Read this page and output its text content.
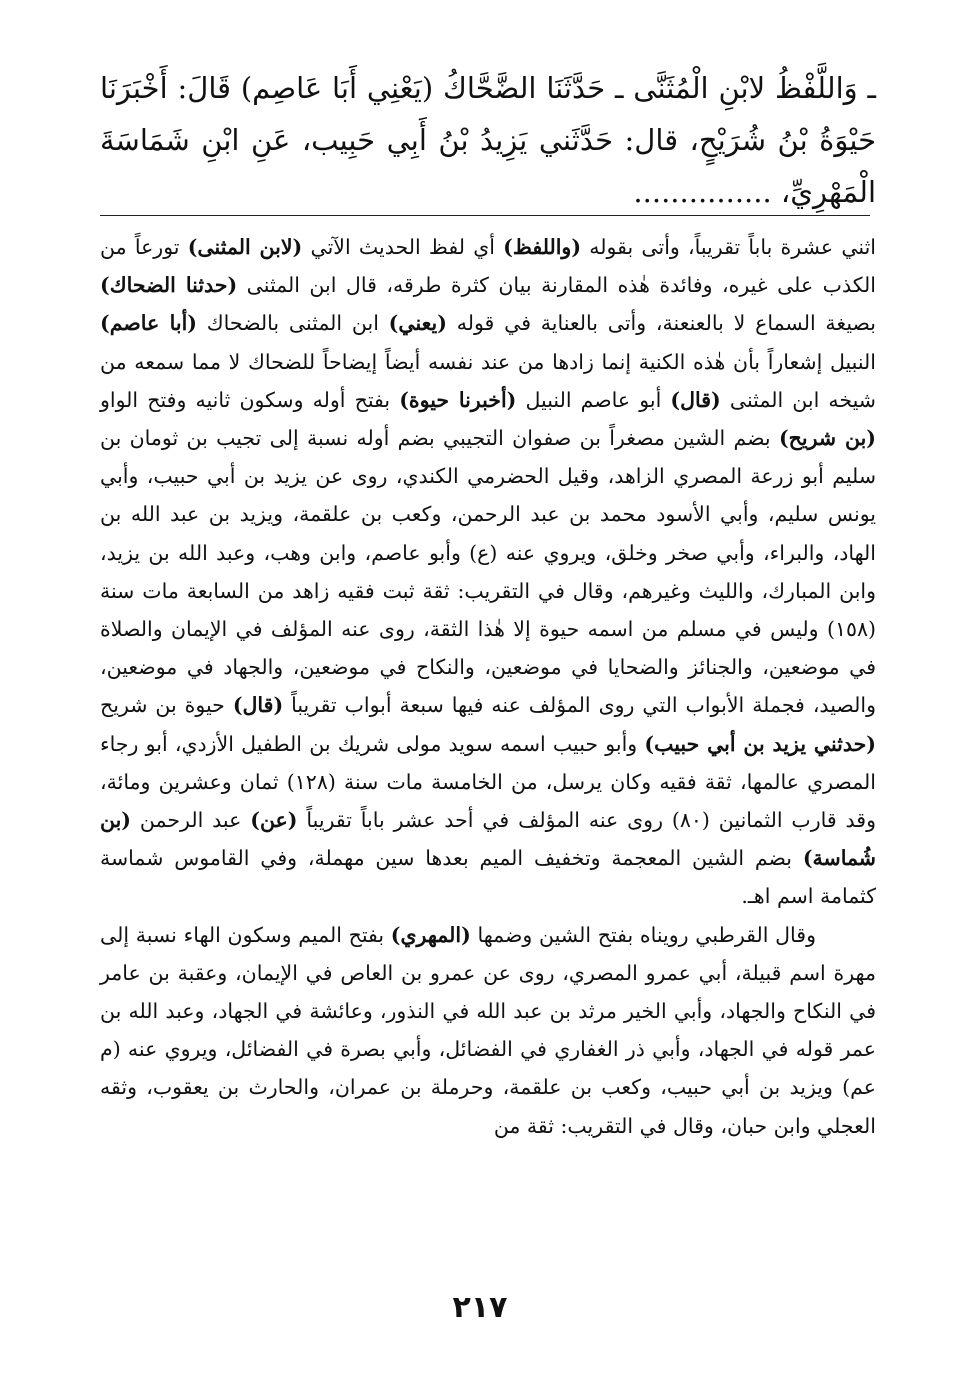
ـ وَاللَّفْظُ لابْنِ الْمُثَنَّى ـ حَدَّثَنَا الضَّحَّاكُ (يَعْنِي أَبَا عَاصِم) قَالَ: أَخْبَرَنَا حَيْوَةُ بْنُ شُرَيْحٍ، قال: حَدَّثَني يَزِيدُ بْنُ أَبِي حَبِيب، عَنِ ابْنِ شَمَاسَةَ الْمَهْرِيِّ، ...............

اثني عشرة باباً تقريباً، وأتى بقوله (واللفظ) أي لفظ الحديث الآتي (لابن المثنى) تورعاً من الكذب على غيره، وفائدة هٰذه المقارنة بيان كثرة طرقه، قال ابن المثنى (حدثنا الضحاك) بصيغة السماع لا بالعنعنة، وأتى بالعناية في قوله (يعني) ابن المثنى بالضحاك (أبا عاصم) النبيل إشعاراً بأن هٰذه الكنية إنما زادها من عند نفسه أيضاً إيضاحاً للضحاك لا مما سمعه من شيخه ابن المثنى (قال) أبو عاصم النبيل (أخبرنا حيوة) بفتح أوله وسكون ثانيه وفتح الواو (بن شريح) بضم الشين مصغراً بن صفوان التجيبي بضم أوله نسبة إلى تجيب بن ثومان بن سليم أبو زرعة المصري الزاهد، وقيل الحضرمي الكندي، روى عن يزيد بن أبي حبيب، وأبي يونس سليم، وأبي الأسود محمد بن عبد الرحمن، وكعب بن علقمة، ويزيد بن عبد الله بن الهاد، والبراء، وأبي صخر وخلق، ويروي عنه (ع) وأبو عاصم، وابن وهب، وعبد الله بن يزيد، وابن المبارك، والليث وغيرهم، وقال في التقريب: ثقة ثبت فقيه زاهد من السابعة مات سنة (١٥٨) وليس في مسلم من اسمه حيوة إلا هٰذا الثقة، روى عنه المؤلف في الإيمان والصلاة في موضعين، والجنائز والضحايا في موضعين، والنكاح في موضعين، والجهاد في موضعين، والصيد، فجملة الأبواب التي روى المؤلف عنه فيها سبعة أبواب تقريباً (قال) حيوة بن شريح (حدثني يزيد بن أبي حبيب) وأبو حبيب اسمه سويد مولى شريك بن الطفيل الأزدي، أبو رجاء المصري عالمها، ثقة فقيه وكان يرسل، من الخامسة مات سنة (١٢٨) ثمان وعشرين ومائة، وقد قارب الثمانين (٨٠) روى عنه المؤلف في أحد عشر باباً تقريباً (عن) عبد الرحمن (بن شُماسة) بضم الشين المعجمة وتخفيف الميم بعدها سين مهملة، وفي القاموس شماسة كثمامة اسم اهـ.

وقال القرطبي رويناه بفتح الشين وضمها (المهري) بفتح الميم وسكون الهاء نسبة إلى مهرة اسم قبيلة، أبي عمرو المصري، روى عن عمرو بن العاص في الإيمان، وعقبة بن عامر في النكاح والجهاد، وأبي الخير مرثد بن عبد الله في النذور، وعائشة في الجهاد، وعبد الله بن عمر قوله في الجهاد، وأبي ذر الغفاري في الفضائل، وأبي بصرة في الفضائل، ويروي عنه (م عم) ويزيد بن أبي حبيب، وكعب بن علقمة، وحرملة بن عمران، والحارث بن يعقوب، وثقه العجلي وابن حبان، وقال في التقريب: ثقة من

٢١٧
